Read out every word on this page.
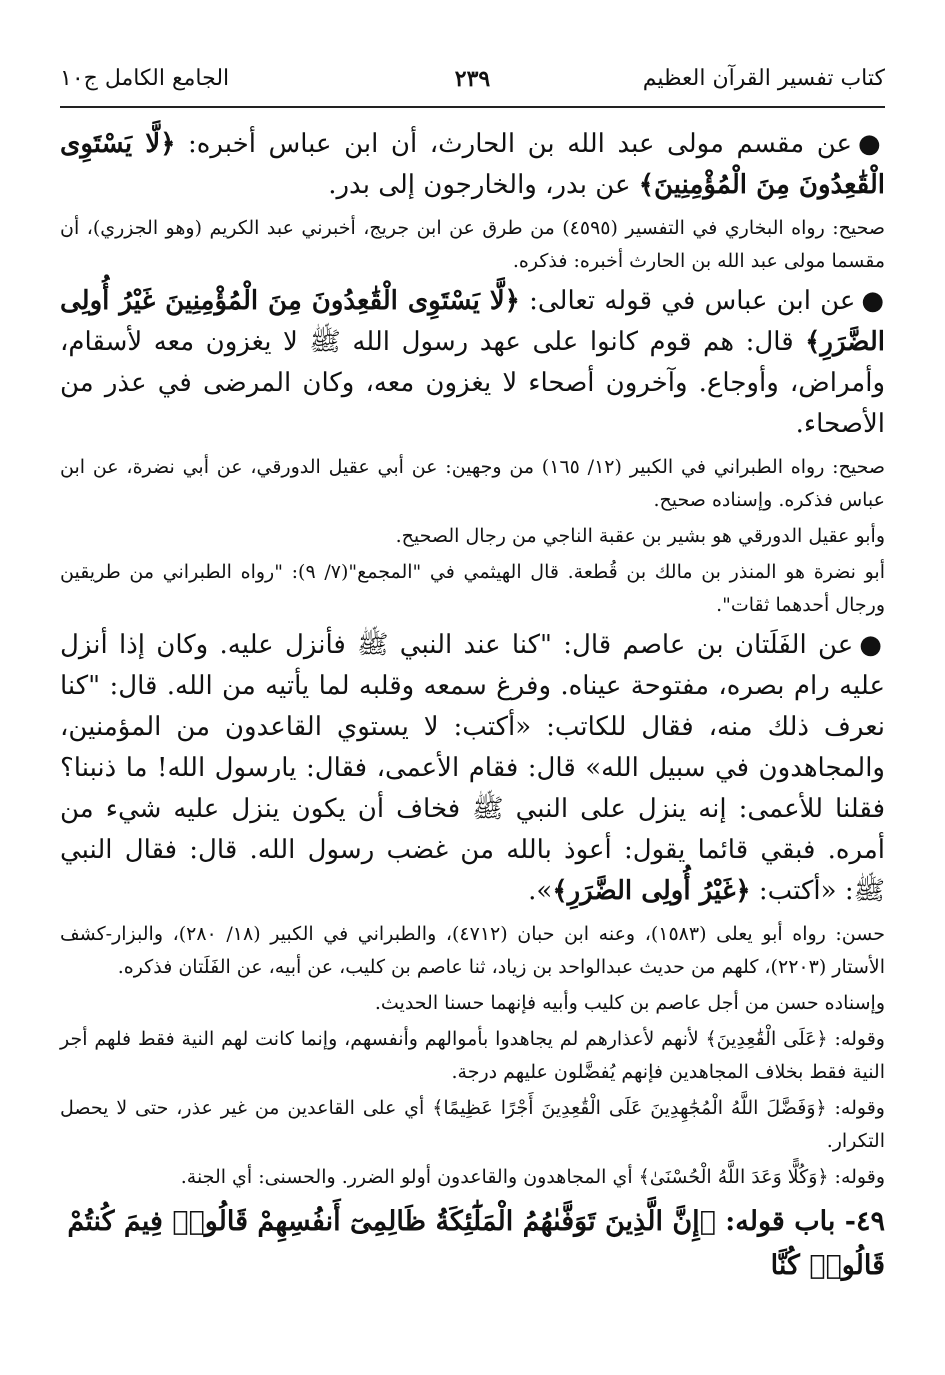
كتاب تفسير القرآن العظيم
٢٣٩
الجامع الكامل ج١٠

●عن مقسم مولى عبد الله بن الحارث، أن ابن عباس أخبره: ﴿لَّا يَسْتَوِى الْقَٰعِدُونَ مِنَ الْمُؤْمِنِينَ﴾ عن بدر، والخارجون إلى بدر.

صحيح: رواه البخاري في التفسير (٤٥٩٥) من طرق عن ابن جريج، أخبرني عبد الكريم (وهو الجزري)، أن مقسما مولى عبد الله بن الحارث أخبره: فذكره.

●عن ابن عباس في قوله تعالى: ﴿لَّا يَسْتَوِى الْقَٰعِدُونَ مِنَ الْمُؤْمِنِينَ غَيْرُ أُولِى الضَّرَرِ﴾ قال: هم قوم كانوا على عهد رسول الله ﷺ لا يغزون معه لأسقام، وأمراض، وأوجاع. وآخرون أصحاء لا يغزون معه، وكان المرضى في عذر من الأصحاء.

صحيح: رواه الطبراني في الكبير (١٢/ ١٦٥) من وجهين: عن أبي عقيل الدورقي، عن أبي نضرة، عن ابن عباس فذكره. وإسناده صحيح.

وأبو عقيل الدورقي هو بشير بن عقبة الناجي من رجال الصحيح.

أبو نضرة هو المنذر بن مالك بن قُطعة. قال الهيثمي في "المجمع"(٧/ ٩): "رواه الطبراني من طريقين ورجال أحدهما ثقات".

●عن الفَلَتان بن عاصم قال: "كنا عند النبي ﷺ فأنزل عليه. وكان إذا أنزل عليه رام بصره، مفتوحة عيناه. وفرغ سمعه وقلبه لما يأتيه من الله. قال: "كنا نعرف ذلك منه، فقال للكاتب: «أكتب: لا يستوي القاعدون من المؤمنين، والمجاهدون في سبيل الله» قال: فقام الأعمى، فقال: يارسول الله! ما ذنبنا؟ فقلنا للأعمى: إنه ينزل على النبي ﷺ فخاف أن يكون ينزل عليه شيء من أمره. فبقي قائما يقول: أعوذ بالله من غضب رسول الله. قال: فقال النبي ﷺ: «أكتب: ﴿غَيْرُ أُولِى الضَّرَرِ﴾».

حسن: رواه أبو يعلى (١٥٨٣)، وعنه ابن حبان (٤٧١٢)، والطبراني في الكبير (١٨/ ٢٨٠)، والبزار-كشف الأستار (٢٢٠٣)، كلهم من حديث عبدالواحد بن زياد، ثنا عاصم بن كليب، عن أبيه، عن الفَلَتان فذكره.

وإسناده حسن من أجل عاصم بن كليب وأبيه فإنهما حسنا الحديث.

وقوله: ﴿عَلَى الْقَٰعِدِينَ﴾ لأنهم لأعذارهم لم يجاهدوا بأموالهم وأنفسهم، وإنما كانت لهم النية فقط فلهم أجر النية فقط بخلاف المجاهدين فإنهم يُفضَّلون عليهم درجة.

وقوله: ﴿وَفَضَّلَ اللَّهُ الْمُجَٰهِدِينَ عَلَى الْقَٰعِدِينَ أَجْرًا عَظِيمًا﴾ أي على القاعدين من غير عذر، حتى لا يحصل التكرار.

وقوله: ﴿وَكُلًّا وَعَدَ اللَّهُ الْحُسْنَىٰ﴾ أي المجاهدون والقاعدون أولو الضرر. والحسنى: أي الجنة.

٤٩- باب قوله: ﴿إِنَّ الَّذِينَ تَوَفَّىٰهُمُ الْمَلَٰٓئِكَةُ ظَالِمِىٓ أَنفُسِهِمْ قَالُوا۟ فِيمَ كُنتُمْ قَالُوا۟ كُنَّا
